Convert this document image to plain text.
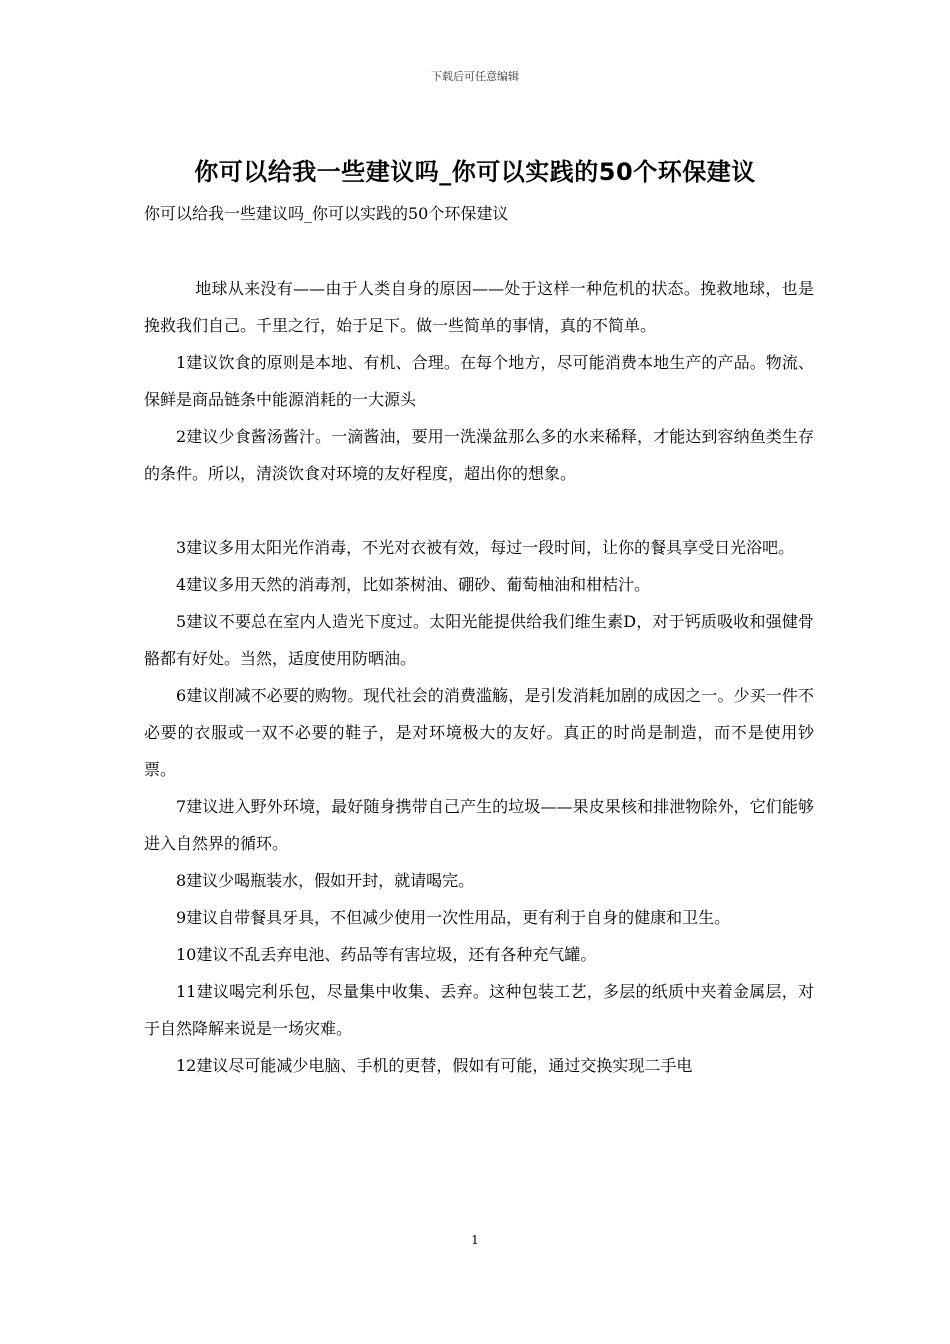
下载后可任意编辑
你可以给我一些建议吗_你可以实践的50个环保建议
你可以给我一些建议吗_你可以实践的50个环保建议

地球从来没有——由于人类自身的原因——处于这样一种危机的状态。挽救地球，也是挽救我们自己。千里之行，始于足下。做一些简单的事情，真的不简单。

1建议饮食的原则是本地、有机、合理。在每个地方，尽可能消费本地生产的产品。物流、保鲜是商品链条中能源消耗的一大源头

2建议少食酱汤酱汁。一滴酱油，要用一洗澡盆那么多的水来稀释，才能达到容纳鱼类生存的条件。所以，清淡饮食对环境的友好程度，超出你的想象。

3建议多用太阳光作消毒，不光对衣被有效，每过一段时间，让你的餐具享受日光浴吧。

4建议多用天然的消毒剂，比如茶树油、硼砂、葡萄柚油和柑桔汁。

5建议不要总在室内人造光下度过。太阳光能提供给我们维生素D，对于钙质吸收和强健骨骼都有好处。当然，适度使用防晒油。

6建议削减不必要的购物。现代社会的消费滥觞，是引发消耗加剧的成因之一。少买一件不必要的衣服或一双不必要的鞋子，是对环境极大的友好。真正的时尚是制造，而不是使用钞票。

7建议进入野外环境，最好随身携带自己产生的垃圾——果皮果核和排泄物除外，它们能够进入自然界的循环。

8建议少喝瓶装水，假如开封，就请喝完。

9建议自带餐具牙具，不但减少使用一次性用品，更有利于自身的健康和卫生。

10建议不乱丢弃电池、药品等有害垃圾，还有各种充气罐。

11建议喝完利乐包，尽量集中收集、丢弃。这种包装工艺，多层的纸质中夹着金属层，对于自然降解来说是一场灾难。

12建议尽可能减少电脑、手机的更替，假如有可能，通过交换实现二手电

1
